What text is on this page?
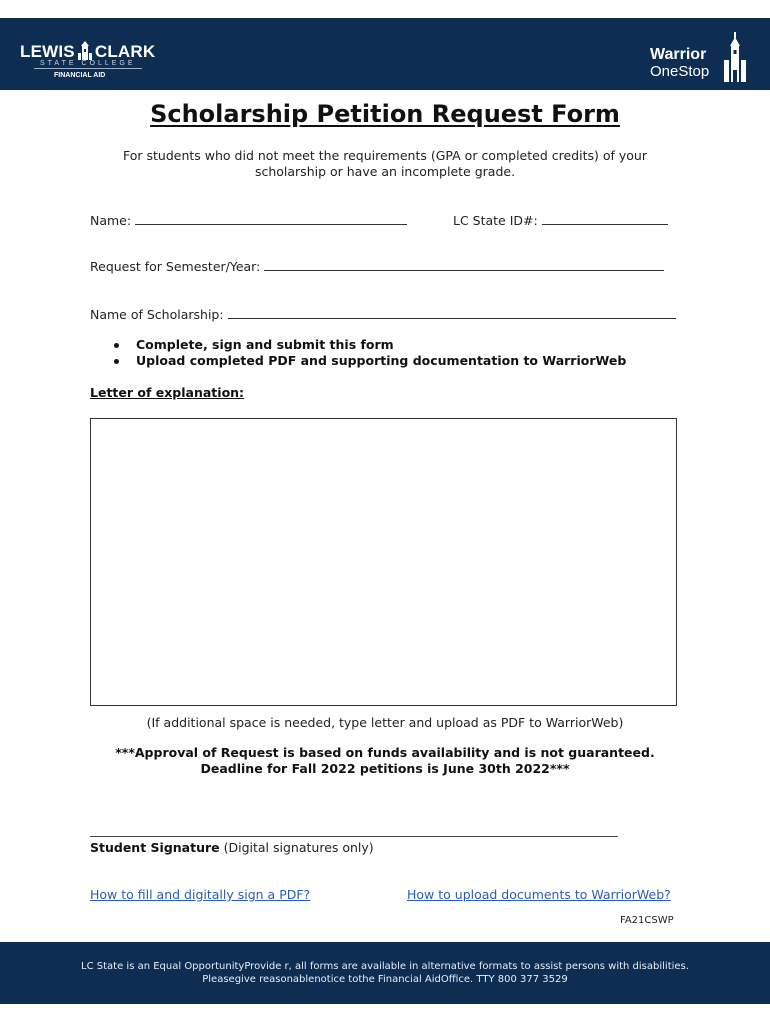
LEWIS CLARK
STATE COLLEGE
FINANCIAL AID
Warrior
OneStop
Scholarship Petition Request Form
For students who did not meet the requirements (GPA or completed credits) of your scholarship or have an incomplete grade.
Name:	LC State ID#:
Request for Semester/Year:
Name of Scholarship:
Complete, sign and submit this form
Upload completed PDF and supporting documentation to WarriorWeb
Letter of explanation:
(If additional space is needed, type letter and upload as PDF to WarriorWeb)
***Approval of Request is based on funds availability and is not guaranteed.
Deadline for Fall 2022 petitions is June 30th 2022***
Student Signature (Digital signatures only)
How to fill and digitally sign a PDF?	How to upload documents to WarriorWeb?
FA21CSWP
LC State is an Equal OpportunityProvide r, all forms are available in alternative formats to assist persons with disabilities.
Pleasegive reasonablenotice tothe Financial AidOffice. TTY 800 377 3529
